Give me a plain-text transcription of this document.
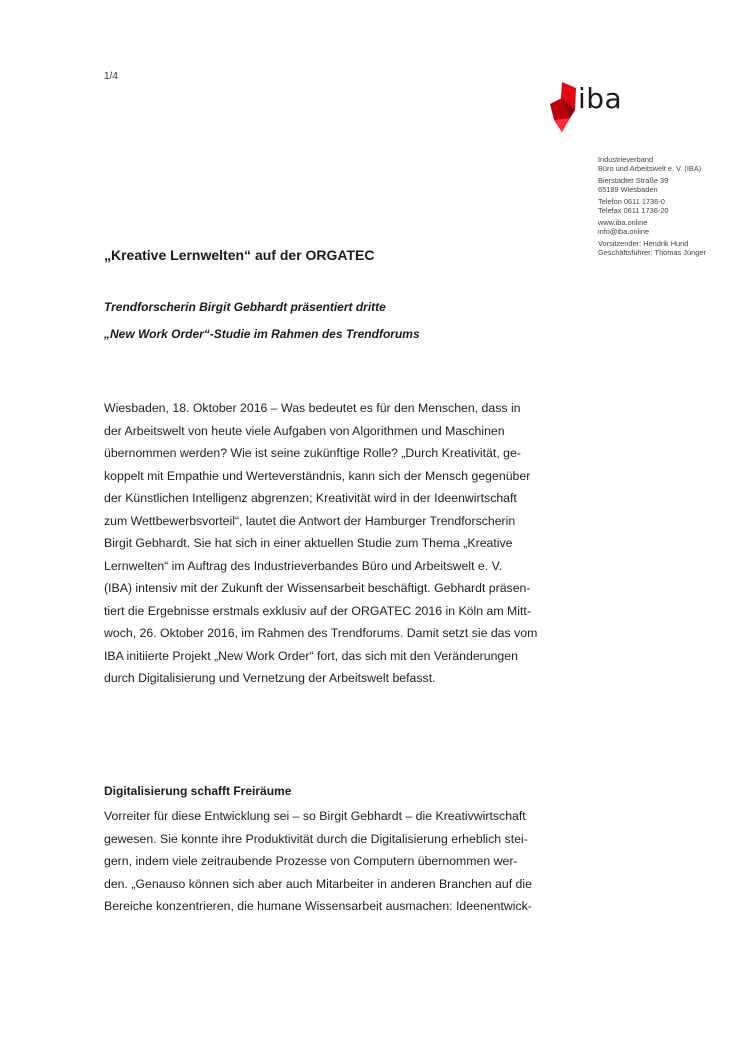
1/4
iba
Industrieverband
Büro und Arbeitswelt e. V. (IBA)
Bierstadter Straße 39
65189 Wiesbaden
Telefon 0611 1736-0
Telefax 0611 1736-20
www.iba.online
info@iba.online
Vorsitzender: Hendrik Hund
Geschäftsführer: Thomas Jünger
„Kreative Lernwelten“ auf der ORGATEC
Trendforscherin Birgit Gebhardt präsentiert dritte
„New Work Order“-Studie im Rahmen des Trendforums
Wiesbaden, 18. Oktober 2016 – Was bedeutet es für den Menschen, dass in
der Arbeitswelt von heute viele Aufgaben von Algorithmen und Maschinen
übernommen werden? Wie ist seine zukünftige Rolle? „Durch Kreativität, ge-
koppelt mit Empathie und Werteverständnis, kann sich der Mensch gegenüber
der Künstlichen Intelligenz abgrenzen; Kreativität wird in der Ideenwirtschaft
zum Wettbewerbsvorteil“, lautet die Antwort der Hamburger Trendforscherin
Birgit Gebhardt. Sie hat sich in einer aktuellen Studie zum Thema „Kreative
Lernwelten“ im Auftrag des Industrieverbandes Büro und Arbeitswelt e. V.
(IBA) intensiv mit der Zukunft der Wissensarbeit beschäftigt. Gebhardt präsen-
tiert die Ergebnisse erstmals exklusiv auf der ORGATEC 2016 in Köln am Mitt-
woch, 26. Oktober 2016, im Rahmen des Trendforums. Damit setzt sie das vom
IBA initiierte Projekt „New Work Order“ fort, das sich mit den Veränderungen
durch Digitalisierung und Vernetzung der Arbeitswelt befasst.
Digitalisierung schafft Freiräume
Vorreiter für diese Entwicklung sei – so Birgit Gebhardt – die Kreativwirtschaft
gewesen. Sie konnte ihre Produktivität durch die Digitalisierung erheblich stei-
gern, indem viele zeitraubende Prozesse von Computern übernommen wer-
den. „Genauso können sich aber auch Mitarbeiter in anderen Branchen auf die
Bereiche konzentrieren, die humane Wissensarbeit ausmachen: Ideenentwick-
